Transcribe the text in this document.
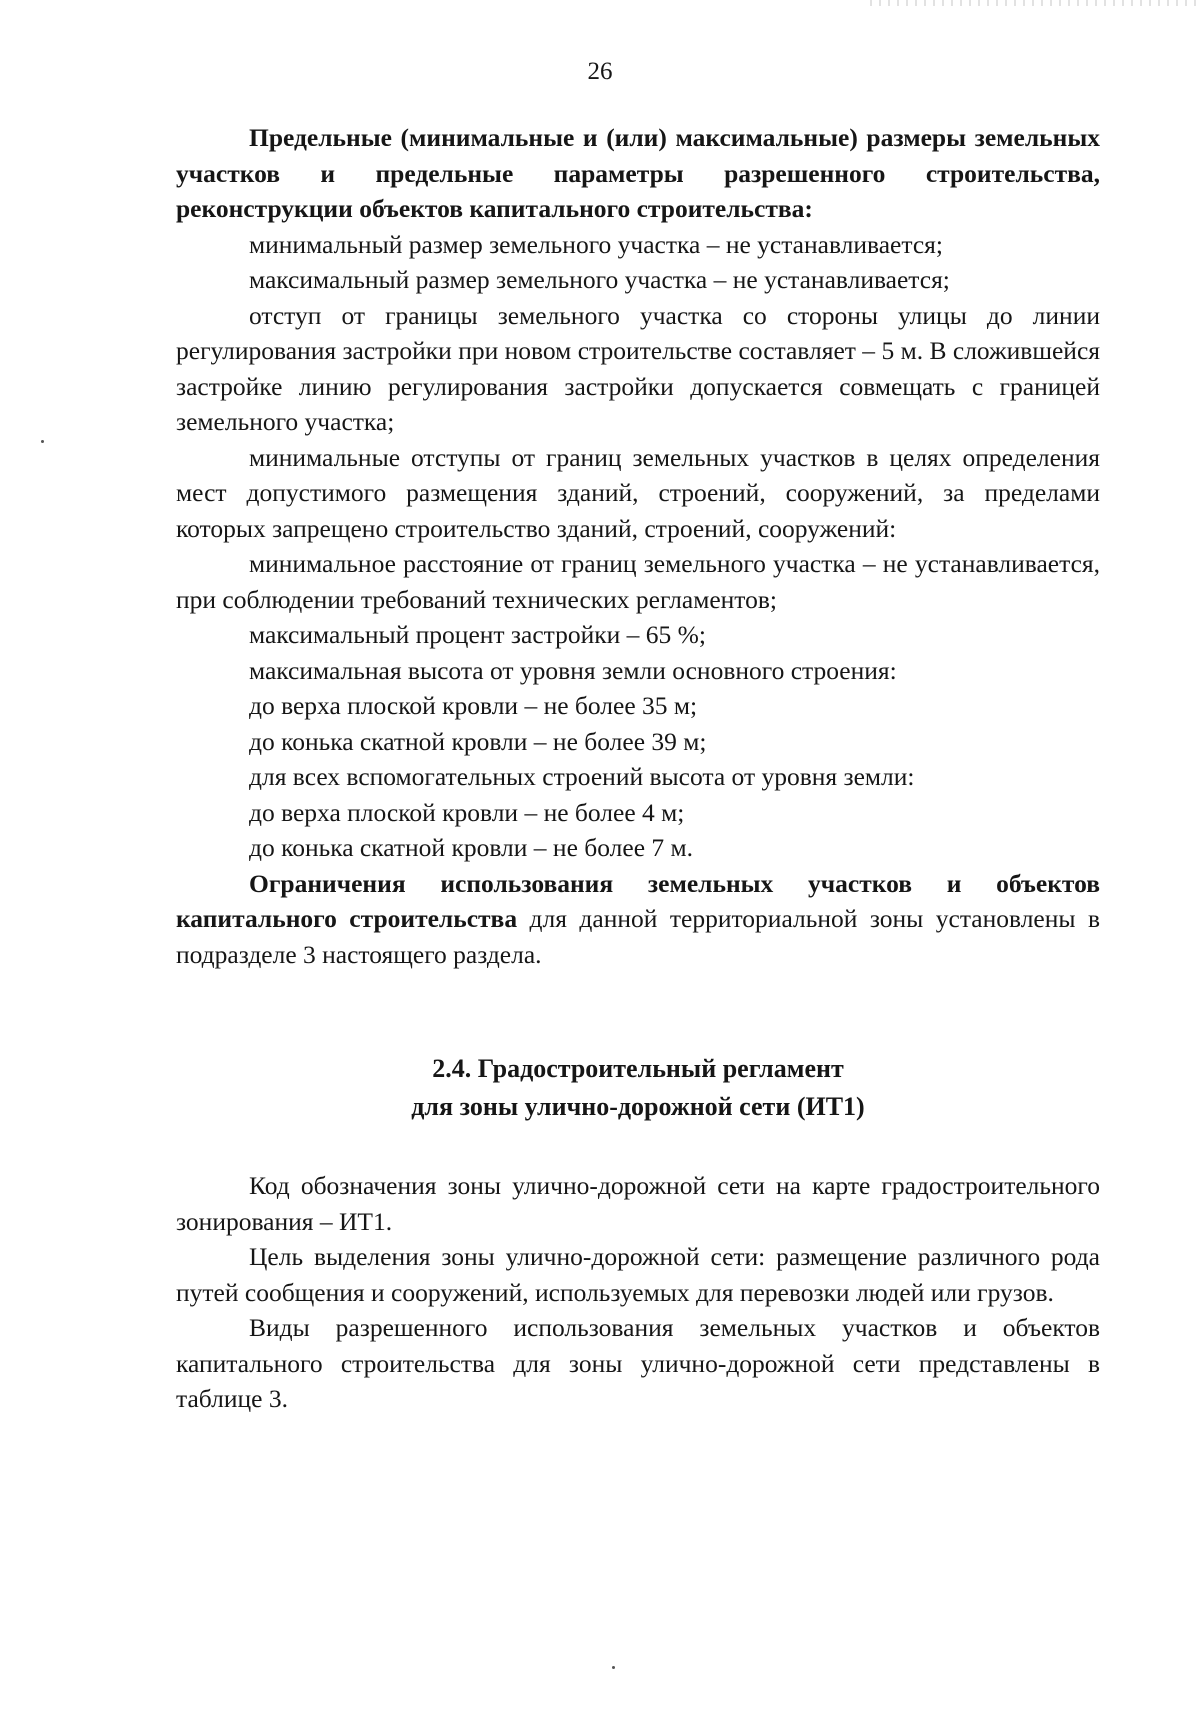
26

Предельные (минимальные и (или) максимальные) размеры земельных участков и предельные параметры разрешенного строительства, реконструкции объектов капитального строительства:

минимальный размер земельного участка – не устанавливается;

максимальный размер земельного участка – не устанавливается;

отступ от границы земельного участка со стороны улицы до линии регулирования застройки при новом строительстве составляет – 5 м. В сложившейся застройке линию регулирования застройки допускается совмещать с границей земельного участка;

минимальные отступы от границ земельных участков в целях определения мест допустимого размещения зданий, строений, сооружений, за пределами которых запрещено строительство зданий, строений, сооружений:

минимальное расстояние от границ земельного участка – не устанавливается, при соблюдении требований технических регламентов;

максимальный процент застройки – 65 %;

максимальная высота от уровня земли основного строения:

до верха плоской кровли – не более 35 м;

до конька скатной кровли – не более 39 м;

для всех вспомогательных строений высота от уровня земли:

до верха плоской кровли – не более 4 м;

до конька скатной кровли – не более 7 м.

Ограничения использования земельных участков и объектов капитального строительства для данной территориальной зоны установлены в подразделе 3 настоящего раздела.

2.4. Градостроительный регламент

для зоны улично-дорожной сети (ИТ1)

Код обозначения зоны улично-дорожной сети на карте градостроительного зонирования – ИТ1.

Цель выделения зоны улично-дорожной сети: размещение различного рода путей сообщения и сооружений, используемых для перевозки людей или грузов.

Виды разрешенного использования земельных участков и объектов капитального строительства для зоны улично-дорожной сети представлены в таблице 3.
